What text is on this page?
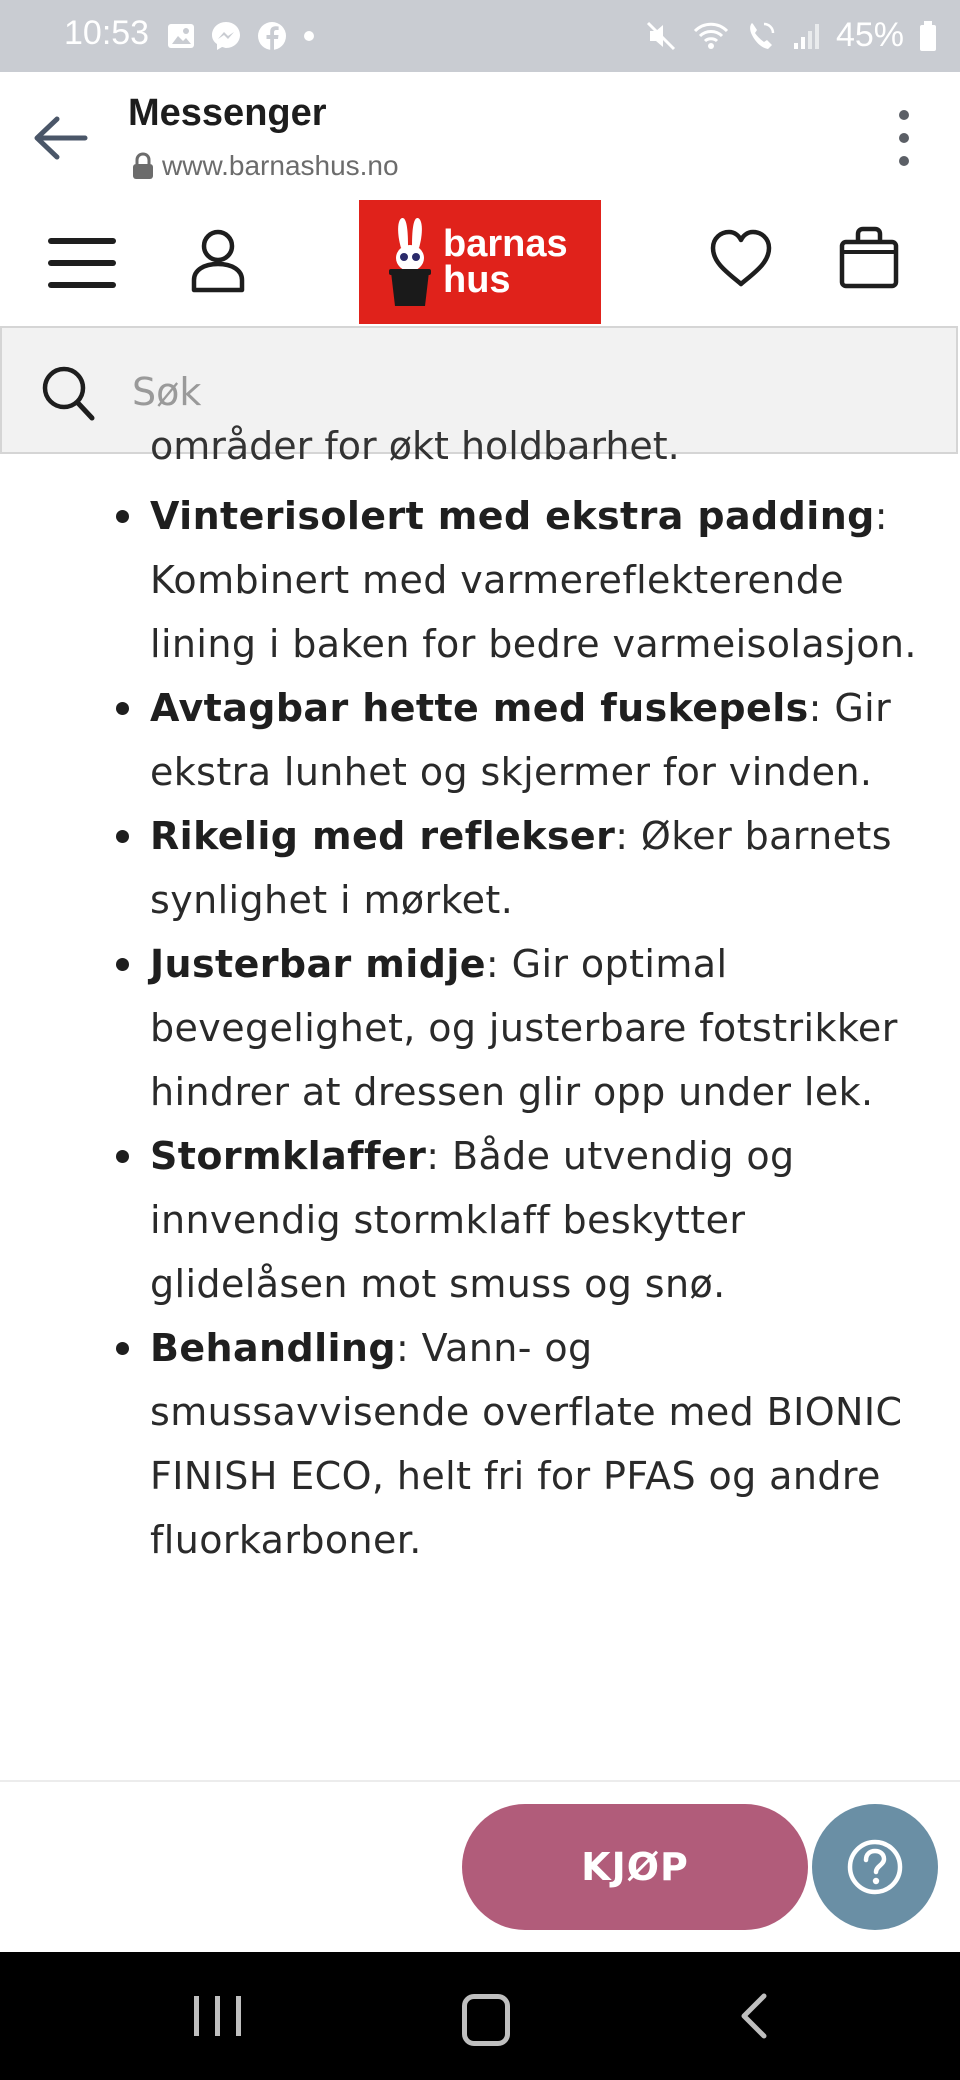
10:53	45%
Messenger
www.barnashus.no
barnas
hus
Søk
områder for økt holdbarhet.
Vinterisolert med ekstra padding: Kombinert med varmereflekterende lining i baken for bedre varmeisolasjon.
Avtagbar hette med fuskepels: Gir ekstra lunhet og skjermer for vinden.
Rikelig med reflekser: Øker barnets synlighet i mørket.
Justerbar midje: Gir optimal bevegelighet, og justerbare fotstrikker hindrer at dressen glir opp under lek.
Stormklaffer: Både utvendig og innvendig stormklaff beskytter glidelåsen mot smuss og snø.
Behandling: Vann- og smussavvisende overflate med BIONIC FINISH ECO, helt fri for PFAS og andre fluorkarboner.
KJØP
